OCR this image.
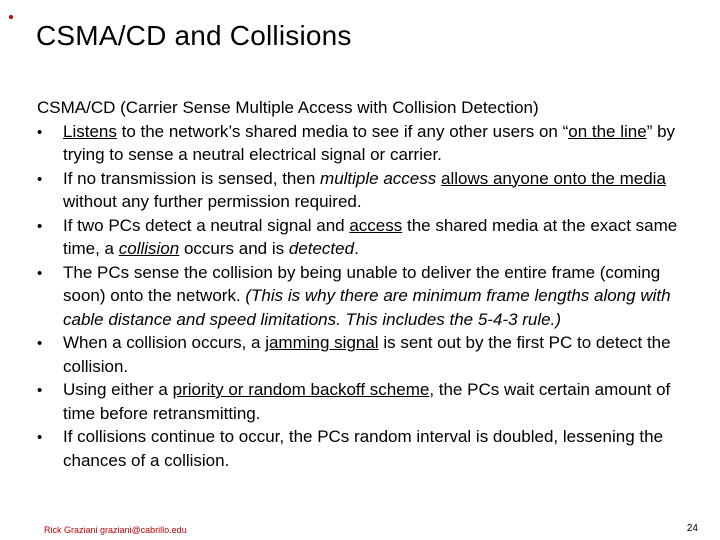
CSMA/CD and Collisions
CSMA/CD (Carrier Sense Multiple Access with Collision Detection)
• Listens to the network’s shared media to see if any other users on “on the line” by trying to sense a neutral electrical signal or carrier.
• If no transmission is sensed, then multiple access allows anyone onto the media without any further permission required.
• If two PCs detect a neutral signal and access the shared media at the exact same time, a collision occurs and is detected.
• The PCs sense the collision by being unable to deliver the entire frame (coming soon) onto the network. (This is why there are minimum frame lengths along with cable distance and speed limitations. This includes the 5-4-3 rule.)
• When a collision occurs, a jamming signal is sent out by the first PC to detect the collision.
• Using either a priority or random backoff scheme, the PCs wait certain amount of time before retransmitting.
• If collisions continue to occur, the PCs random interval is doubled, lessening the chances of a collision.
Rick Graziani graziani@cabrillo.edu	24
